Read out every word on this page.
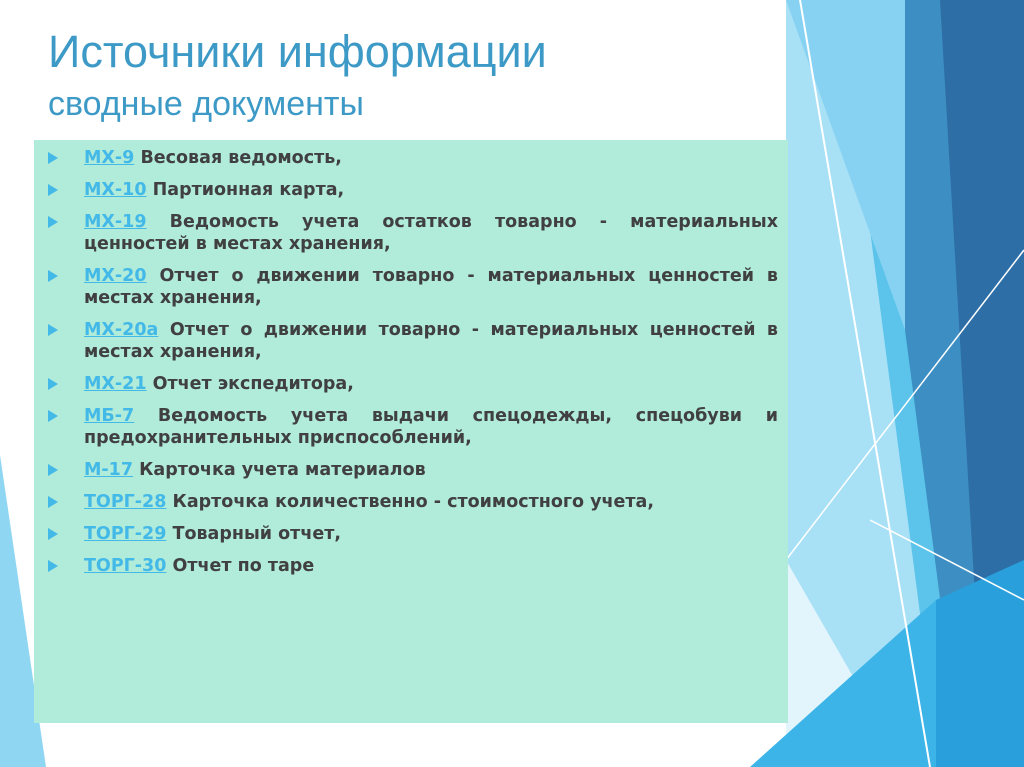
Источники информации
сводные документы
МХ-9 Весовая ведомость,
МХ-10 Партионная карта,
МХ-19 Ведомость учета остатков товарно - материальных ценностей в местах хранения,
МХ-20 Отчет о движении товарно - материальных ценностей в местах хранения,
МХ-20а Отчет о движении товарно - материальных ценностей в местах хранения,
МХ-21 Отчет экспедитора,
МБ-7 Ведомость учета выдачи спецодежды, спецобуви и предохранительных приспособлений,
М-17 Карточка учета материалов
ТОРГ-28 Карточка количественно - стоимостного учета,
ТОРГ-29 Товарный отчет,
ТОРГ-30 Отчет по таре
